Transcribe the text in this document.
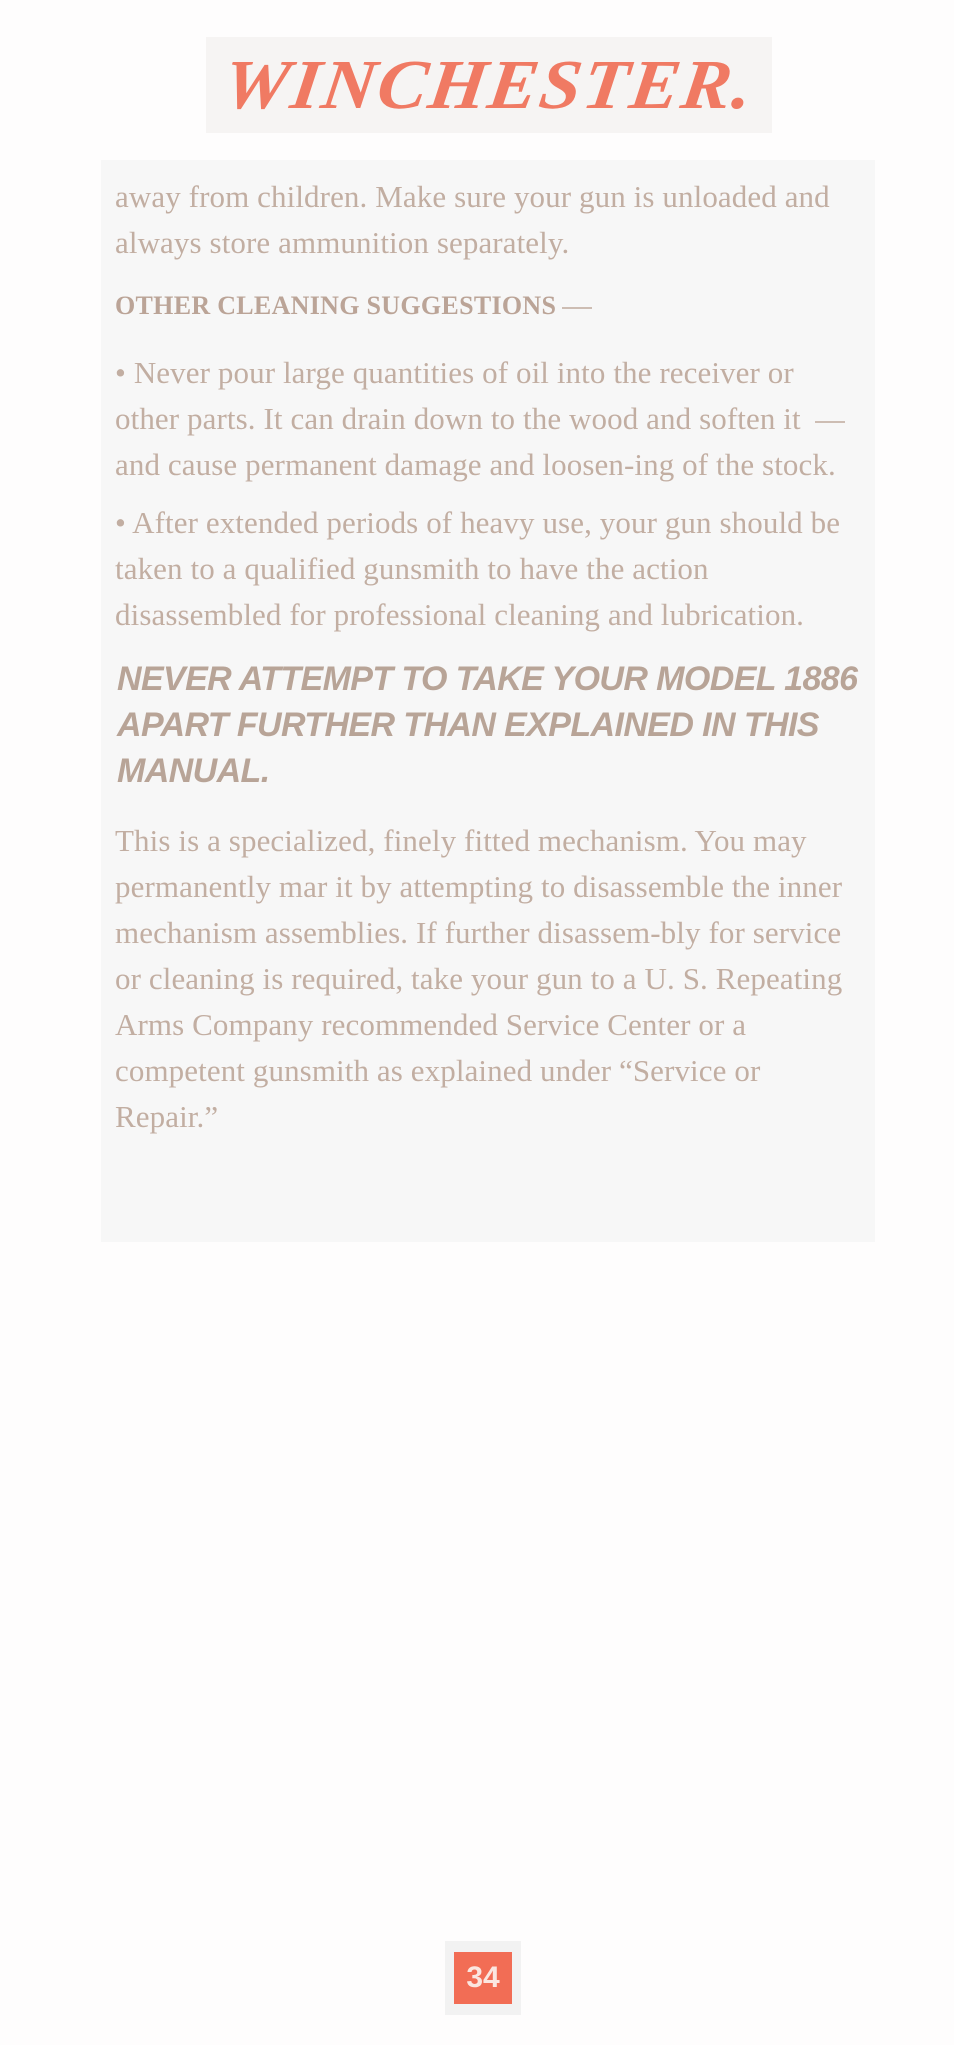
WINCHESTER.

away from children. Make sure your gun is unloaded and always store ammunition separately.

OTHER CLEANING SUGGESTIONS

• Never pour large quantities of oil into the receiver or other parts. It can drain down to the wood and soften it  and cause permanent damage and loosen-ing of the stock.

• After extended periods of heavy use, your gun should be taken to a qualified gunsmith to have the action disassembled for professional cleaning and lubrication.

NEVER ATTEMPT TO TAKE YOUR MODEL 1886 APART FURTHER THAN EXPLAINED IN THIS MANUAL.

This is a specialized, finely fitted mechanism. You may permanently mar it by attempting to disassemble the inner mechanism assemblies. If further disassem-bly for service or cleaning is required, take your gun to a U. S. Repeating Arms Company recommended Service Center or a competent gunsmith as explained under “Service or Repair.”

34
